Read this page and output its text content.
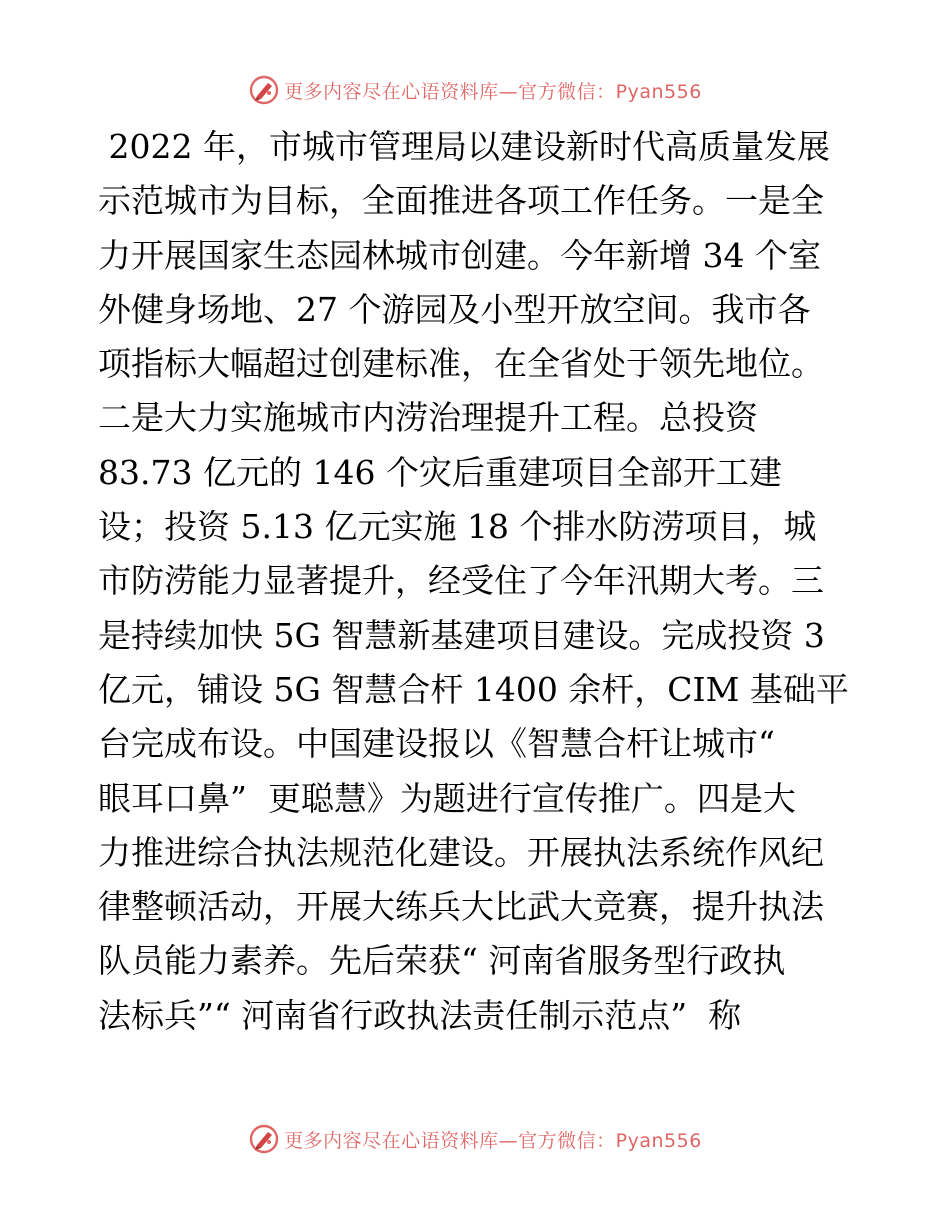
更多内容尽在心语资料库—官方微信：Pyan556
2022 年，市城市管理局以建设新时代高质量发展
示范城市为目标，全面推进各项工作任务。一是全
力开展国家生态园林城市创建。今年新增 34 个室
外健身场地、27 个游园及小型开放空间。我市各
项指标大幅超过创建标准，在全省处于领先地位。
二是大力实施城市内涝治理提升工程。总投资
83.73 亿元的 146 个灾后重建项目全部开工建
设；投资 5.13 亿元实施 18 个排水防涝项目，城
市防涝能力显著提升，经受住了今年汛期大考。三
是持续加快 5G 智慧新基建项目建设。完成投资 3
亿元，铺设 5G 智慧合杆 1400 余杆，CIM 基础平
台完成布设。中国建设报以《智慧合杆让城市“
眼耳口鼻”  更聪慧》为题进行宣传推广。四是大
力推进综合执法规范化建设。开展执法系统作风纪
律整顿活动，开展大练兵大比武大竞赛，提升执法
队员能力素养。先后荣获“ 河南省服务型行政执
法标兵”“ 河南省行政执法责任制示范点”  称
更多内容尽在心语资料库—官方微信：Pyan556
